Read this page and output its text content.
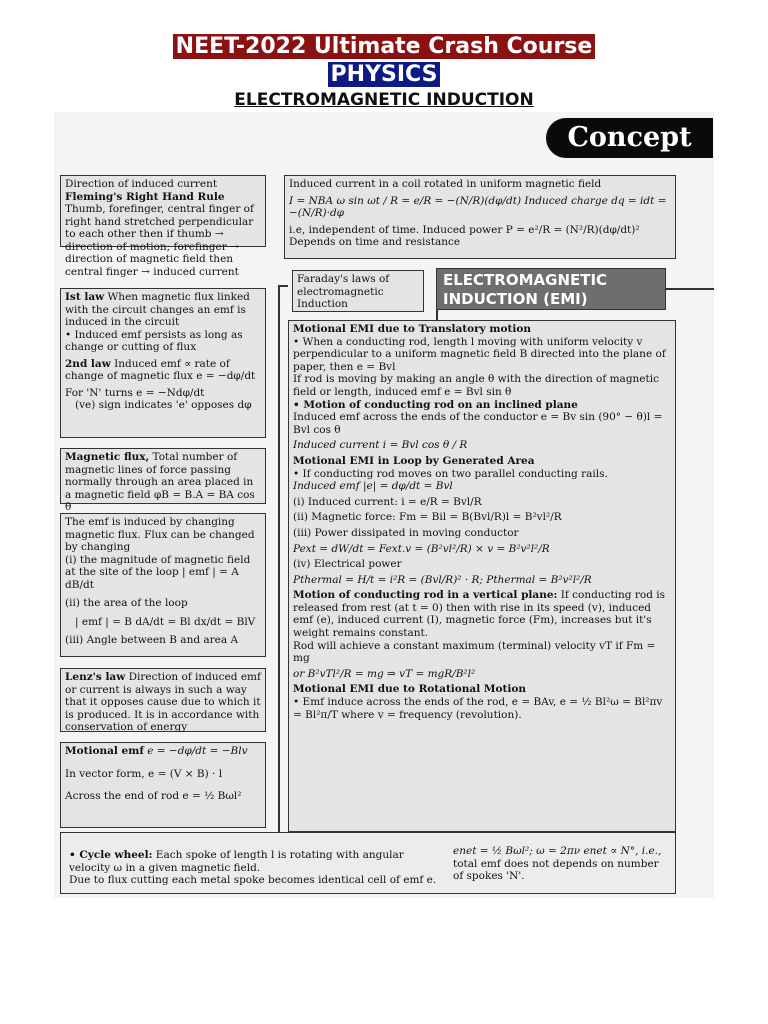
NEET-2022 Ultimate Crash Course
PHYSICS
ELECTROMAGNETIC INDUCTION
Concept

Direction of induced current

Fleming's Right Hand Rule

Thumb, forefinger, central finger of right hand stretched perpendicular to each other then if thumb → direction of motion; forefinger → direction of magnetic field then central finger → induced current

Induced current in a coil rotated in uniform magnetic field

I = NBA ω sin ωt / R = e/R = −(N/R)(dφ/dt) Induced charge dq = idt = −(N/R)·dφ

i.e, independent of time. Induced power P = e²/R = (N²/R)(dφ/dt)²

Depends on time and resistance

Faraday's laws of electromagnetic Induction

ELECTROMAGNETIC INDUCTION (EMI)

Ist law When magnetic flux linked with the circuit changes an emf is induced in the circuit

• Induced emf persists as long as change or cutting of flux

2nd law Induced emf ∝ rate of change of magnetic flux e = −dφ/dt

For 'N' turns e = −Ndφ/dt

(ve) sign indicates 'e' opposes dφ

Magnetic flux, Total number of magnetic lines of force passing normally through an area placed in a magnetic field φB = B.A = BA cos θ

The emf is induced by changing magnetic flux. Flux can be changed by changing

(i) the magnitude of magnetic field at the site of the loop | emf | = A dB/dt

(ii) the area of the loop

| emf | = B dA/dt = Bl dx/dt = BlV

(iii) Angle between B and area A

Lenz's law Direction of induced emf or current is always in such a way that it opposes cause due to which it is produced. It is in accordance with conservation of energy

Motional emf e = −dφ/dt = −Blv

In vector form, e = (V × B) · l

Across the end of rod e = ½ Bωl²

Motional EMI due to Translatory motion

• When a conducting rod, length l moving with uniform velocity v perpendicular to a uniform magnetic field B directed into the plane of paper, then e = Bvl

If rod is moving by making an angle θ with the direction of magnetic field or length, induced emf e = Bvl sin θ

• Motion of conducting rod on an inclined plane

Induced emf across the ends of the conductor e = Bv sin (90° − θ)l = Bvl cos θ

Induced current i = Bvl cos θ / R

Motional EMI in Loop by Generated Area

• If conducting rod moves on two parallel conducting rails.

Induced emf |e| = dφ/dt = Bvl

(i) Induced current: i = e/R = Bvl/R

(ii) Magnetic force: Fm = Bil = B(Bvl/R)l = B²vl²/R

(iii) Power dissipated in moving conductor

Pext = dW/dt = Fext.v = (B²vl²/R) × v = B²v²l²/R

(iv) Electrical power

Pthermal = H/t = i²R = (Bvl/R)² · R; Pthermal = B²v²l²/R

Motion of conducting rod in a vertical plane: If conducting rod is released from rest (at t = 0) then with rise in its speed (v), induced emf (e), induced current (I), magnetic force (Fm), increases but it's weight remains constant.

Rod will achieve a constant maximum (terminal) velocity vT if Fm = mg

or B²vTl²/R = mg ⇒ vT = mgR/B²l²

Motional EMI due to Rotational Motion

• Emf induce across the ends of the rod, e = BAv, e = ½ Bl²ω = Bl²πv

= Bl²π/T where v = frequency (revolution).

• Cycle wheel: Each spoke of length l is rotating with angular velocity ω in a given magnetic field.

Due to flux cutting each metal spoke becomes identical cell of emf e.

enet = ½ Bωl²; ω = 2πν enet ∝ N°, i.e.,

total emf does not depends on number of spokes 'N'.
